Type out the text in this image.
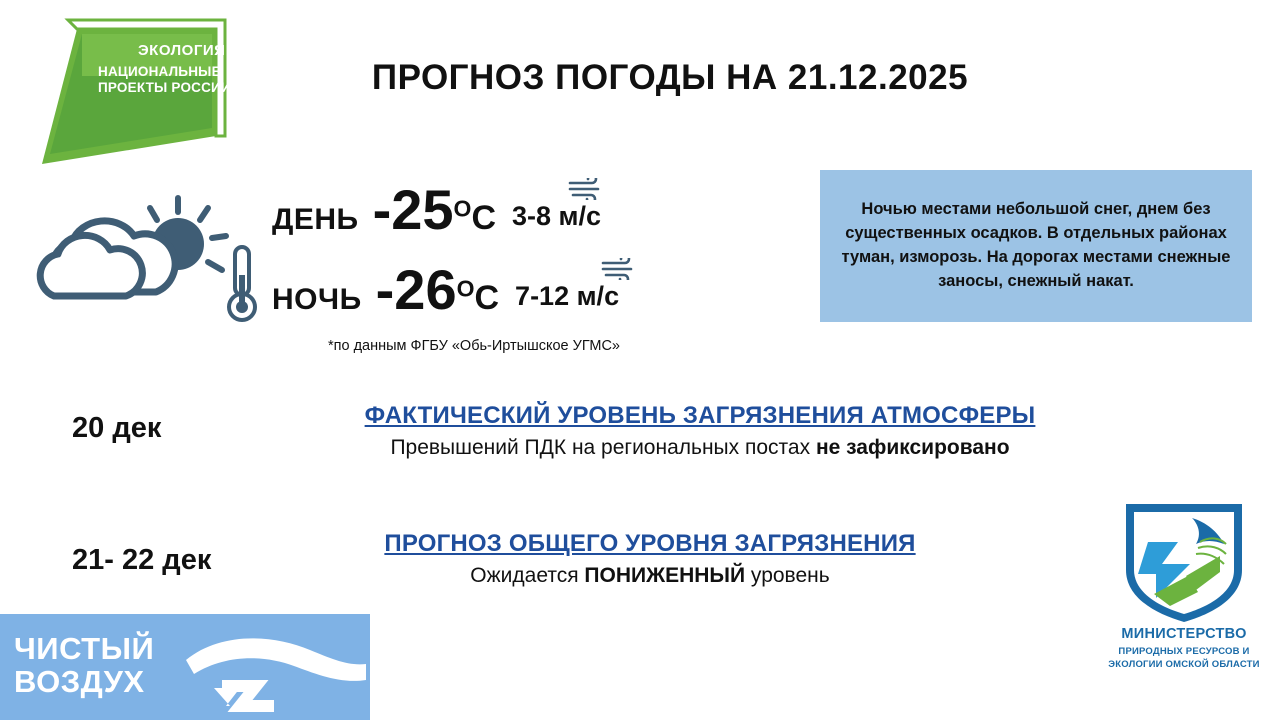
ЭКОЛОГИЯ
НАЦИОНАЛЬНЫЕ ПРОЕКТЫ РОССИИ	ПРОГНОЗ ПОГОДЫ НА 21.12.2025
ДЕНЬ $-25^OС$ 3-8 м/с
НОЧЬ $-26^OС$ 7-12 м/с
*по данным ФГБУ «Обь-Иртышское УГМС»

Ночью местами небольшой снег, днем без существенных осадков. В отдельных районах туман, изморозь. На дорогах местами снежные заносы, снежный накат.

20 дек	ФАКТИЧЕСКИЙ УРОВЕНЬ ЗАГРЯЗНЕНИЯ АТМОСФЕРЫ
Превышений ПДК на региональных постах не зафиксировано
21- 22 дек
ПРОГНОЗ ОБЩЕГО УРОВНЯ ЗАГРЯЗНЕНИЯ
Ожидается ПОНИЖЕННЫЙ уровень
ЧИСТЫЙ
ВОЗДУХ
МИНИСТЕРСТВО
ПРИРОДНЫХ РЕСУРСОВ И ЭКОЛОГИИ ОМСКОЙ ОБЛАСТИ
